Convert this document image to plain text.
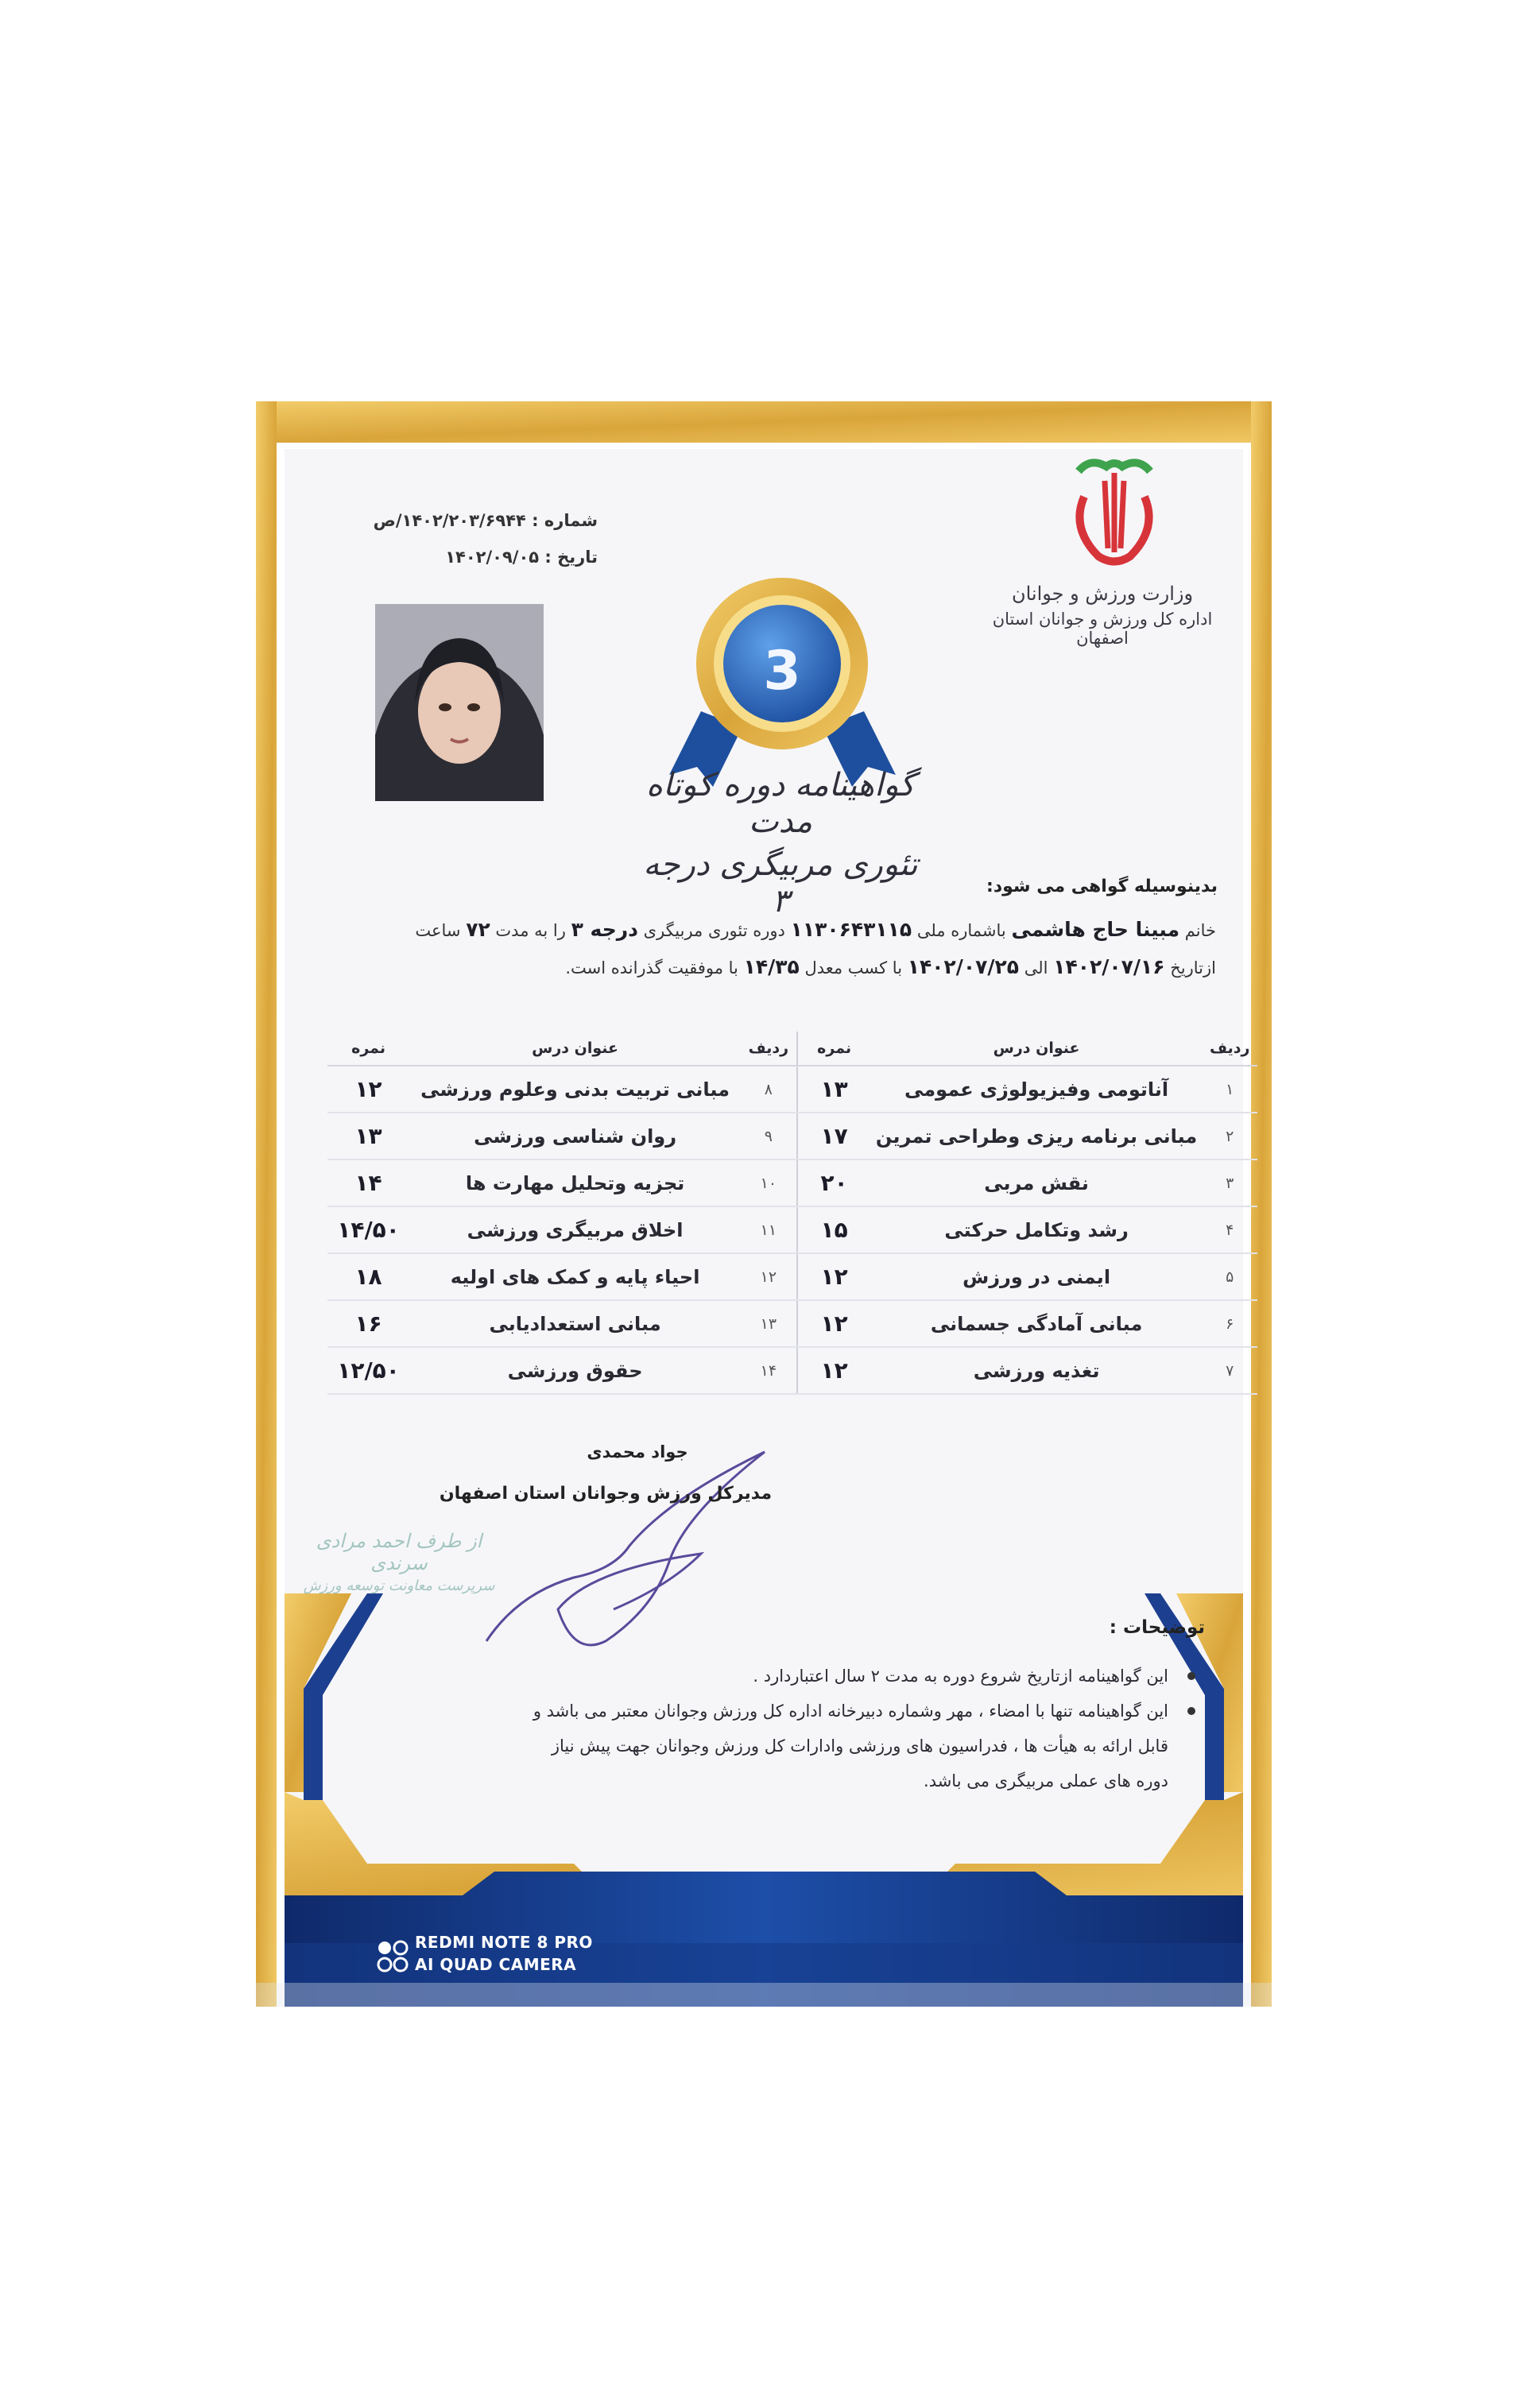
شماره : ۱۴۰۲/۲۰۳/۶۹۴۴/ص
تاریخ : ۱۴۰۲/۰۹/۰۵
وزارت ورزش و جوانان
اداره کل ورزش و جوانان استان اصفهان
3
گواهینامه دوره کوتاه مدت
تئوری مربیگری درجه ۳	بدینوسیله گواهی می شود:
خانم مبینا حاج هاشمی باشماره ملی ۱۱۳۰۶۴۳۱۱۵ دوره تئوری مربیگری درجه ۳ را به مدت ۷۲ ساعت
ازتاریخ ۱۴۰۲/۰۷/۱۶ الی ۱۴۰۲/۰۷/۲۵ با کسب معدل ۱۴/۳۵ با موفقیت گذرانده است.
ردیف	عنوان درس	نمره	ردیف	عنوان درس	نمره
۱	آناتومی وفیزیولوژی عمومی	۱۳	۸	مبانی تربیت بدنی وعلوم ورزشی	۱۲
۲	مبانی برنامه ریزی وطراحی تمرین	۱۷	۹	روان شناسی ورزشی	۱۳
۳	نقش مربی	۲۰	۱۰	تجزیه وتحلیل مهارت ها	۱۴
۴	رشد وتکامل حرکتی	۱۵	۱۱	اخلاق مربیگری ورزشی	۱۴/۵۰
۵	ایمنی در ورزش	۱۲	۱۲	احیاء پایه و کمک های اولیه	۱۸
۶	مبانی آمادگی جسمانی	۱۲	۱۳	مبانی استعدادیابی	۱۶
۷	تغذیه ورزشی	۱۲	۱۴	حقوق ورزشی	۱۲/۵۰
جواد محمدی
مدیرکل ورزش وجوانان استان اصفهان
از طرف احمد مرادی سرندی
سرپرست معاونت توسعه ورزش
توضیحات :
این گواهینامه ازتاریخ شروع دوره به مدت ۲ سال اعتباردارد .
این گواهینامه تنها با امضاء ، مهر وشماره دبیرخانه اداره کل ورزش وجوانان معتبر می باشد و
قابل ارائه به هیأت ها ، فدراسیون های ورزشی وادارات کل ورزش وجوانان جهت پیش نیاز
دوره های عملی مربیگری می باشد.
REDMI NOTE 8 PRO
AI QUAD CAMERA
